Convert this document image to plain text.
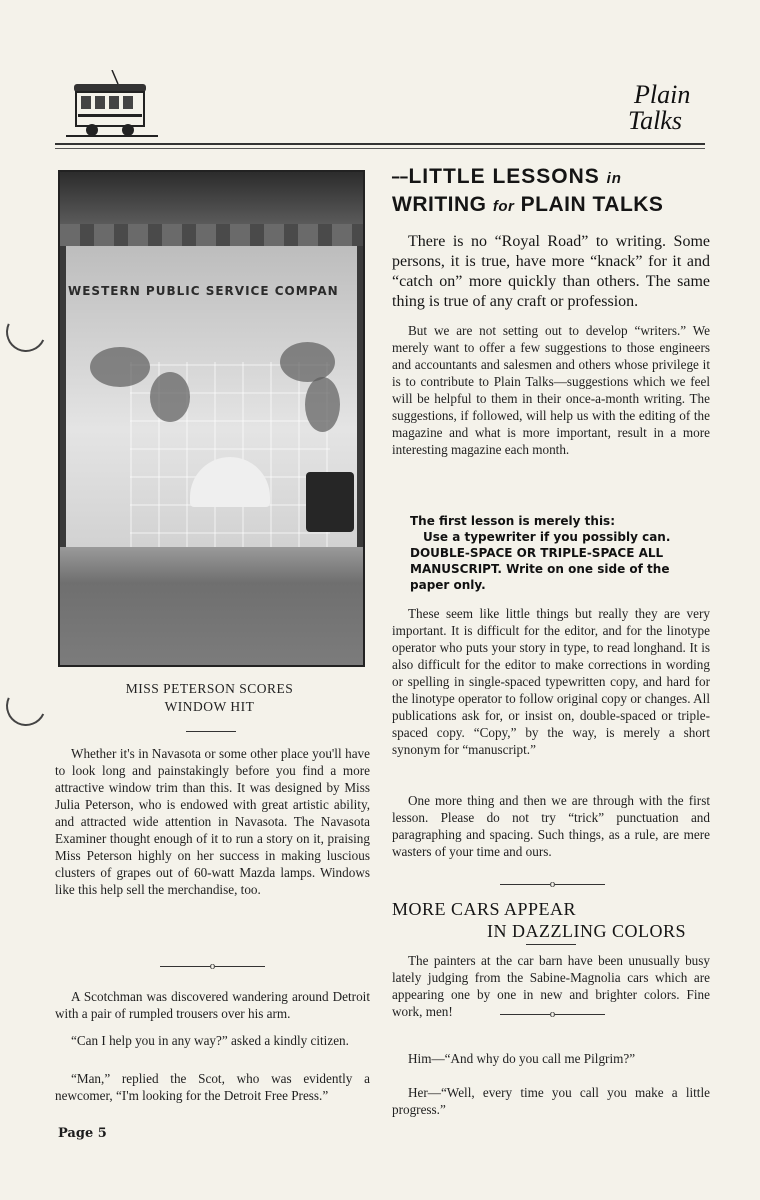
Plain
Talks
WESTERN PUBLIC SERVICE COMPAN
MISS PETERSON SCORES
WINDOW HIT

Whether it's in Navasota or some other place you'll have to look long and painstakingly before you find a more attractive window trim than this. It was designed by Miss Julia Peterson, who is endowed with great artistic ability, and attracted wide attention in Navasota. The Navasota Examiner thought enough of it to run a story on it, praising Miss Peterson highly on her success in making luscious clusters of grapes out of 60-watt Mazda lamps. Windows like this help sell the merchandise, too.

o

A Scotchman was discovered wandering around Detroit with a pair of rumpled trousers over his arm.

“Can I help you in any way?” asked a kindly citizen.

“Man,” replied the Scot, who was evidently a newcomer, “I'm looking for the Detroit Free Press.”

Page 5
━━LITTLE LESSONS in
WRITING for PLAIN TALKS

There is no “Royal Road” to writing. Some persons, it is true, have more “knack” for it and “catch on” more quickly than others. The same thing is true of any craft or profession.

But we are not setting out to develop “writers.” We merely want to offer a few suggestions to those engineers and accountants and salesmen and others whose privilege it is to contribute to Plain Talks—suggestions which we feel will be helpful to them in their once-a-month writing. The suggestions, if followed, will help us with the editing of the magazine and what is more important, result in a more interesting magazine each month.

The first lesson is merely this:

Use a typewriter if you possibly can. DOUBLE-SPACE OR TRIPLE-SPACE ALL MANUSCRIPT. Write on one side of the paper only.

These seem like little things but really they are very important. It is difficult for the editor, and for the linotype operator who puts your story in type, to read longhand. It is also difficult for the editor to make corrections in wording or spelling in single-spaced typewritten copy, and hard for the linotype operator to follow original copy or changes. All publications ask for, or insist on, double-spaced or triple-spaced copy. “Copy,” by the way, is merely a short synonym for “manuscript.”

One more thing and then we are through with the first lesson. Please do not try “trick” punctuation and paragraphing and spacing. Such things, as a rule, are mere wasters of your time and ours.

o
MORE CARS APPEAR
IN DAZZLING COLORS

The painters at the car barn have been unusually busy lately judging from the Sabine-Magnolia cars which are appearing one by one in new and brighter colors. Fine work, men!	o

Him—“And why do you call me Pilgrim?”

Her—“Well, every time you call you make a little progress.”
